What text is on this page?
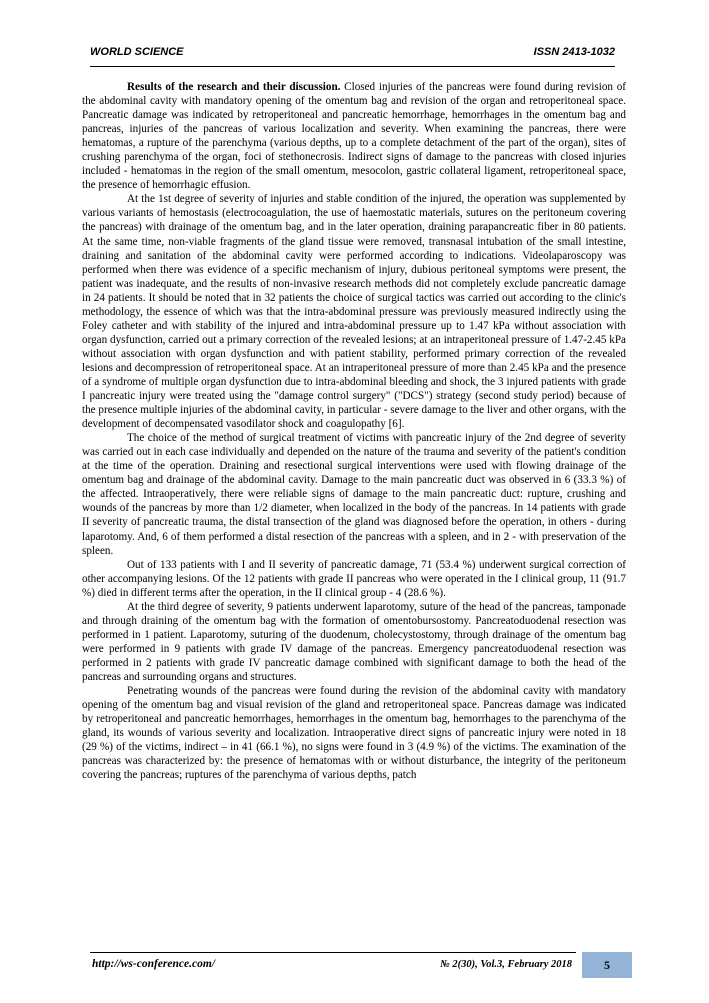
WORLD SCIENCE	ISSN 2413-1032

Results of the research and their discussion. Closed injuries of the pancreas were found during revision of the abdominal cavity with mandatory opening of the omentum bag and revision of the organ and retroperitoneal space. Pancreatic damage was indicated by retroperitoneal and pancreatic hemorrhage, hemorrhages in the omentum bag and pancreas, injuries of the pancreas of various localization and severity. When examining the pancreas, there were hematomas, a rupture of the parenchyma (various depths, up to a complete detachment of the part of the organ), sites of crushing parenchyma of the organ, foci of stethonecrosis. Indirect signs of damage to the pancreas with closed injuries included - hematomas in the region of the small omentum, mesocolon, gastric collateral ligament, retroperitoneal space, the presence of hemorrhagic effusion.

At the 1st degree of severity of injuries and stable condition of the injured, the operation was supplemented by various variants of hemostasis (electrocoagulation, the use of haemostatic materials, sutures on the peritoneum covering the pancreas) with drainage of the omentum bag, and in the later operation, draining parapancreatic fiber in 80 patients. At the same time, non-viable fragments of the gland tissue were removed, transnasal intubation of the small intestine, draining and sanitation of the abdominal cavity were performed according to indications. Videolaparoscopy was performed when there was evidence of a specific mechanism of injury, dubious peritoneal symptoms were present, the patient was inadequate, and the results of non-invasive research methods did not completely exclude pancreatic damage in 24 patients. It should be noted that in 32 patients the choice of surgical tactics was carried out according to the clinic's methodology, the essence of which was that the intra-abdominal pressure was previously measured indirectly using the Foley catheter and with stability of the injured and intra-abdominal pressure up to 1.47 kPa without association with organ dysfunction, carried out a primary correction of the revealed lesions; at an intraperitoneal pressure of 1.47-2.45 kPa without association with organ dysfunction and with patient stability, performed primary correction of the revealed lesions and decompression of retroperitoneal space. At an intraperitoneal pressure of more than 2.45 kPa and the presence of a syndrome of multiple organ dysfunction due to intra-abdominal bleeding and shock, the 3 injured patients with grade I pancreatic injury were treated using the "damage control surgery" ("DCS") strategy (second study period) because of the presence multiple injuries of the abdominal cavity, in particular - severe damage to the liver and other organs, with the development of decompensated vasodilator shock and coagulopathy [6].

The choice of the method of surgical treatment of victims with pancreatic injury of the 2nd degree of severity was carried out in each case individually and depended on the nature of the trauma and severity of the patient's condition at the time of the operation. Draining and resectional surgical interventions were used with flowing drainage of the omentum bag and drainage of the abdominal cavity. Damage to the main pancreatic duct was observed in 6 (33.3 %) of the affected. Intraoperatively, there were reliable signs of damage to the main pancreatic duct: rupture, crushing and wounds of the pancreas by more than 1/2 diameter, when localized in the body of the pancreas. In 14 patients with grade II severity of pancreatic trauma, the distal transection of the gland was diagnosed before the operation, in others - during laparotomy. And, 6 of them performed a distal resection of the pancreas with a spleen, and in 2 - with preservation of the spleen.

Out of 133 patients with I and II severity of pancreatic damage, 71 (53.4 %) underwent surgical correction of other accompanying lesions. Of the 12 patients with grade II pancreas who were operated in the I clinical group, 11 (91.7 %) died in different terms after the operation, in the II clinical group - 4 (28.6 %).

At the third degree of severity, 9 patients underwent laparotomy, suture of the head of the pancreas, tamponade and through draining of the omentum bag with the formation of omentobursostomy. Pancreatoduodenal resection was performed in 1 patient. Laparotomy, suturing of the duodenum, cholecystostomy, through drainage of the omentum bag were performed in 9 patients with grade IV damage of the pancreas. Emergency pancreatoduodenal resection was performed in 2 patients with grade IV pancreatic damage combined with significant damage to both the head of the pancreas and surrounding organs and structures.

Penetrating wounds of the pancreas were found during the revision of the abdominal cavity with mandatory opening of the omentum bag and visual revision of the gland and retroperitoneal space. Pancreas damage was indicated by retroperitoneal and pancreatic hemorrhages, hemorrhages in the omentum bag, hemorrhages to the parenchyma of the gland, its wounds of various severity and localization. Intraoperative direct signs of pancreatic injury were noted in 18 (29 %) of the victims, indirect – in 41 (66.1 %), no signs were found in 3 (4.9 %) of the victims. The examination of the pancreas was characterized by: the presence of hematomas with or without disturbance, the integrity of the peritoneum covering the pancreas; ruptures of the parenchyma of various depths, patch

http://ws-conference.com/	№ 2(30), Vol.3, February 2018	5
